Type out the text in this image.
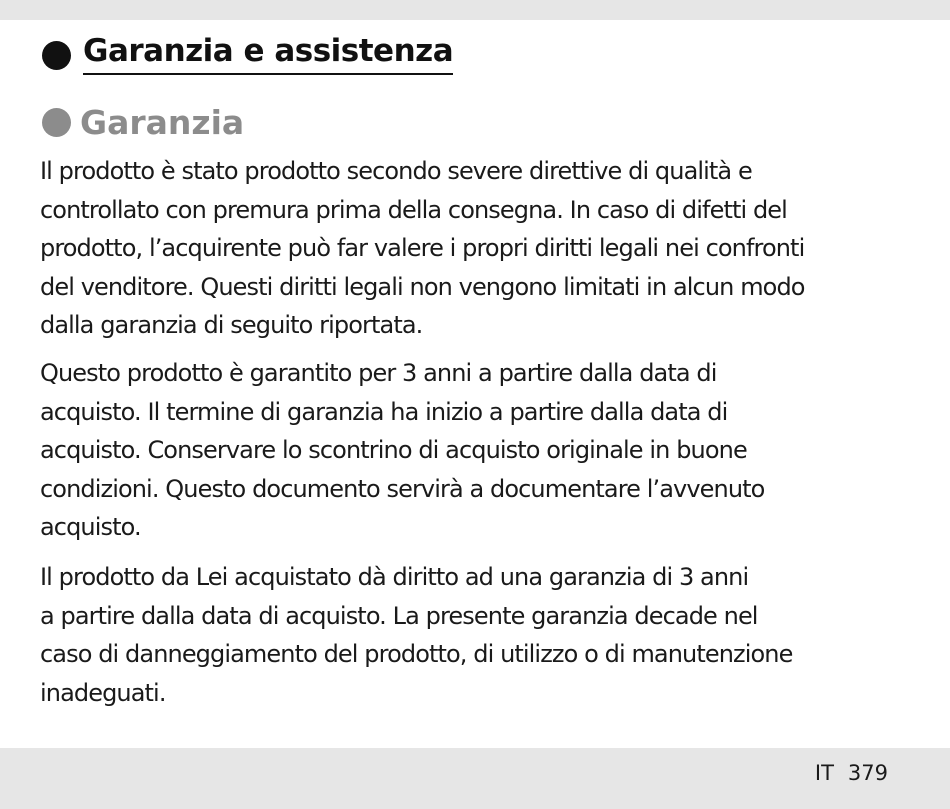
Garanzia e assistenza
Garanzia

Il prodotto è stato prodotto secondo severe direttive di qualità e
controllato con premura prima della consegna. In caso di difetti del
prodotto, l’acquirente può far valere i propri diritti legali nei confronti
del venditore. Questi diritti legali non vengono limitati in alcun modo
dalla garanzia di seguito riportata.

Questo prodotto è garantito per 3 anni a partire dalla data di
acquisto. Il termine di garanzia ha inizio a partire dalla data di
acquisto. Conservare lo scontrino di acquisto originale in buone
condizioni. Questo documento servirà a documentare l’avvenuto
acquisto.

Il prodotto da Lei acquistato dà diritto ad una garanzia di 3 anni
a partire dalla data di acquisto. La presente garanzia decade nel
caso di danneggiamento del prodotto, di utilizzo o di manutenzione
inadeguati.

IT 379
